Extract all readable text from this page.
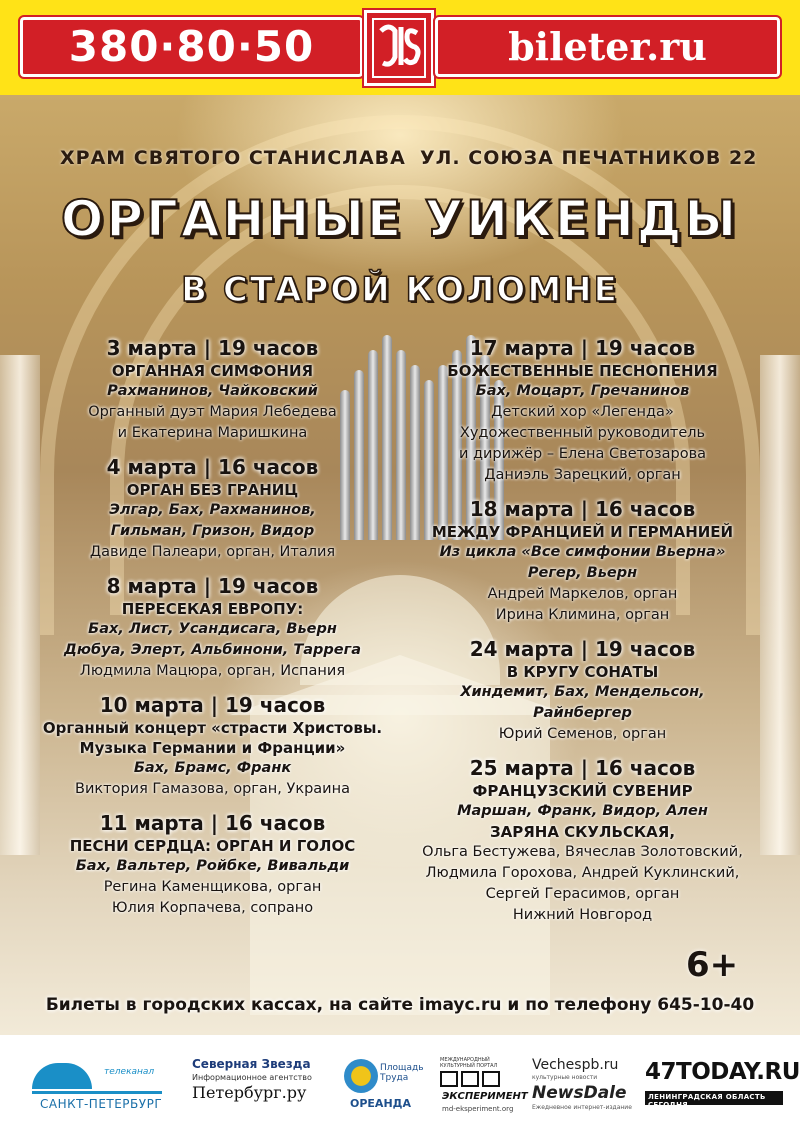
380·80·50	bileter.ru
ХРАМ СВЯТОГО СТАНИСЛАВА УЛ. СОЮЗА ПЕЧАТНИКОВ 22
ОРГАННЫЕ УИКЕНДЫ
В СТАРОЙ КОЛОМНЕ
3 марта | 19 часов
ОРГАННАЯ СИМФОНИЯ
Рахманинов, Чайковский
Органный дуэт Мария Лебедева
и Екатерина Маришкина
4 марта | 16 часов
ОРГАН БЕЗ ГРАНИЦ
Элгар, Бах, Рахманинов,
Гильман, Гризон, Видор
Давиде Палеари, орган, Италия
8 марта | 19 часов
ПЕРЕСЕКАЯ ЕВРОПУ:
Бах, Лист, Усандисага, Вьерн
Дюбуа, Элерт, Альбинони, Таррега
Людмила Мацюра, орган, Испания
10 марта | 19 часов
Органный концерт «страсти Христовы.
Музыка Германии и Франции»
Бах, Брамс, Франк
Виктория Гамазова, орган, Украина
11 марта | 16 часов
ПЕСНИ СЕРДЦА: ОРГАН И ГОЛОС
Бах, Вальтер, Ройбке, Вивальди
Регина Каменщикова, орган
Юлия Корпачева, сопрано
17 марта | 19 часов
БОЖЕСТВЕННЫЕ ПЕСНОПЕНИЯ
Бах, Моцарт, Гречанинов
Детский хор «Легенда»
Художественный руководитель
и дирижёр – Елена Светозарова
Даниэль Зарецкий, орган
18 марта | 16 часов
МЕЖДУ ФРАНЦИЕЙ И ГЕРМАНИЕЙ
Из цикла «Все симфонии Вьерна»
Регер, Вьерн
Андрей Маркелов, орган
Ирина Климина, орган
24 марта | 19 часов
В КРУГУ СОНАТЫ
Хиндемит, Бах, Мендельсон,
Райнбергер
Юрий Семенов, орган
25 марта | 16 часов
ФРАНЦУЗСКИЙ СУВЕНИР
Маршан, Франк, Видор, Ален
ЗАРЯНА СКУЛЬСКАЯ,
Ольга Бестужева, Вячеслав Золотовский,
Людмила Горохова, Андрей Куклинский,
Сергей Герасимов, орган
Нижний Новгород
6+
Билеты в городских кассах, на сайте imayc.ru и по телефону 645-10-40
телеканал
САНКТ-ПЕТЕРБУРГ
Северная Звезда
Информационное агентство
Петербург.ру
Площадь Труда
ОРЕАНДА
МЕЖДУНАРОДНЫЙ КУЛЬТУРНЫЙ ПОРТАЛ
ЭКСПЕРИМЕНТ
md-eksperiment.org
Vechespb.ru
культурные новости
NewsDale
Ежедневное интернет-издание
47TODAY.RU
ЛЕНИНГРАДСКАЯ ОБЛАСТЬ СЕГОДНЯ
